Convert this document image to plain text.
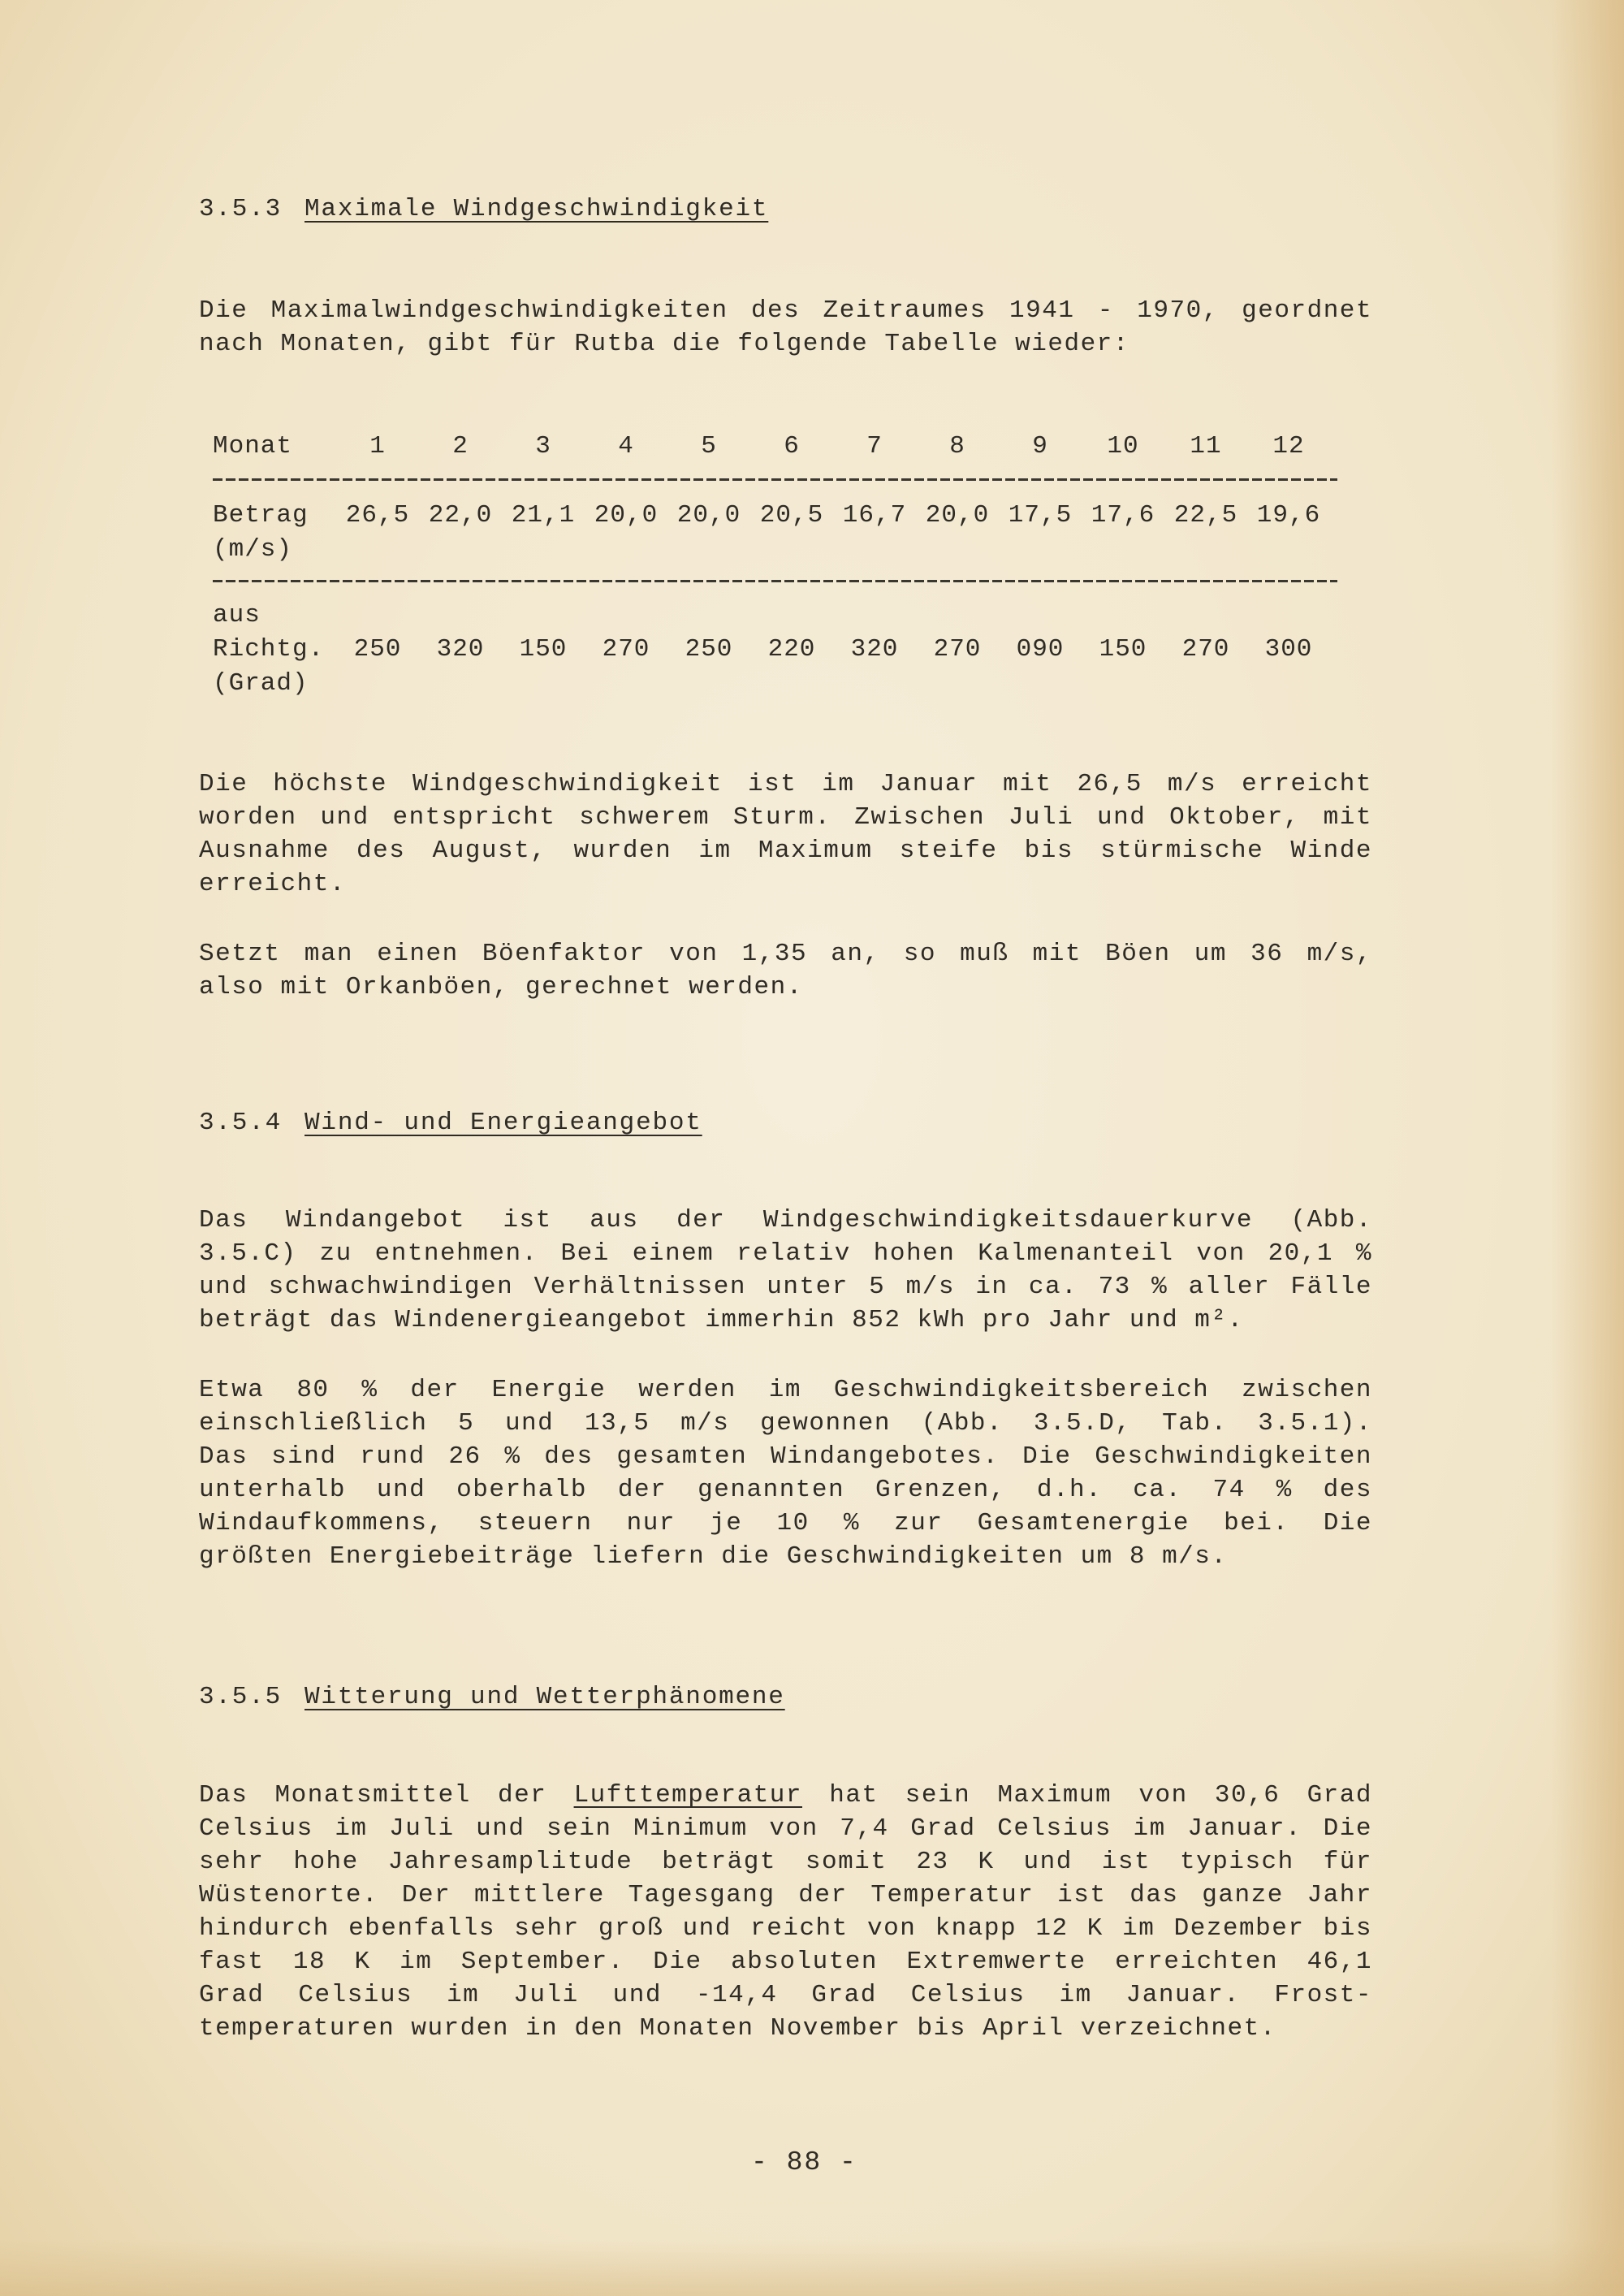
3.5.3 Maximale Windgeschwindigkeit
Die Maximalwindgeschwindigkeiten des Zeitraumes 1941 - 1970, geordnet
nach Monaten, gibt für Rutba die folgende Tabelle wieder:
Monat	1	2	3	4	5	6	7	8	9	10	11	12
Betrag	26,5 22,0 21,1 20,0 20,0 20,5 16,7 20,0 17,5 17,6 22,5 19,6
(m/s)
aus
Richtg.	250	320	150	270	250	220	320	270	090	150	270	300
(Grad)
Die höchste Windgeschwindigkeit ist im Januar mit 26,5 m/s erreicht
worden und entspricht schwerem Sturm. Zwischen Juli und Oktober, mit
Ausnahme des August, wurden im Maximum steife bis stürmische Winde
erreicht.
Setzt man einen Böenfaktor von 1,35 an, so muß mit Böen um 36 m/s,
also mit Orkanböen, gerechnet werden.
3.5.4 Wind- und Energieangebot
Das Windangebot ist aus der Windgeschwindigkeitsdauerkurve (Abb.
3.5.C) zu entnehmen. Bei einem relativ hohen Kalmenanteil von 20,1 %
und schwachwindigen Verhältnissen unter 5 m/s in ca. 73 % aller Fälle
beträgt das Windenergieangebot immerhin 852 kWh pro Jahr und m².
Etwa 80 % der Energie werden im Geschwindigkeitsbereich zwischen
einschließlich 5 und 13,5 m/s gewonnen (Abb. 3.5.D, Tab. 3.5.1).
Das sind rund 26 % des gesamten Windangebotes. Die Geschwindigkeiten
unterhalb und oberhalb der genannten Grenzen, d.h. ca. 74 % des
Windaufkommens, steuern nur je 10 % zur Gesamtenergie bei. Die
größten Energiebeiträge liefern die Geschwindigkeiten um 8 m/s.
3.5.5 Witterung und Wetterphänomene
Das Monatsmittel der Lufttemperatur hat sein Maximum von 30,6 Grad
Celsius im Juli und sein Minimum von 7,4 Grad Celsius im Januar. Die
sehr hohe Jahresamplitude beträgt somit 23 K und ist typisch für
Wüstenorte. Der mittlere Tagesgang der Temperatur ist das ganze Jahr
hindurch ebenfalls sehr groß und reicht von knapp 12 K im Dezember bis
fast 18 K im September. Die absoluten Extremwerte erreichten 46,1
Grad Celsius im Juli und -14,4 Grad Celsius im Januar. Frost-
temperaturen wurden in den Monaten November bis April verzeichnet.
- 88 -
